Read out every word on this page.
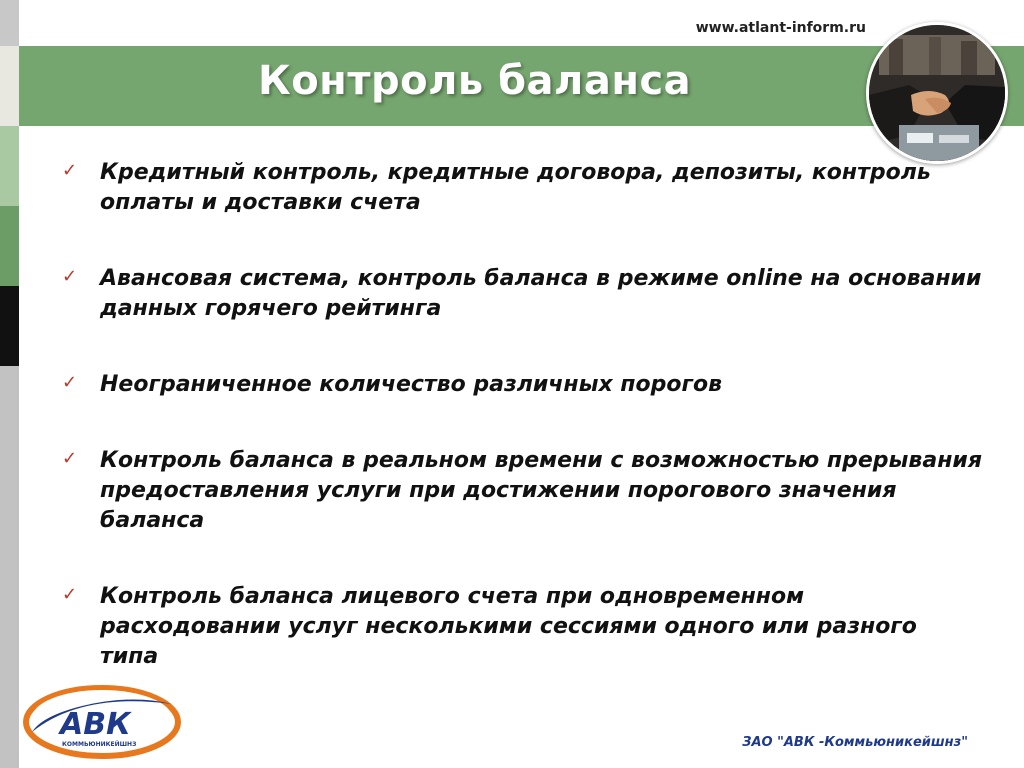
www.atlant-inform.ru
Контроль баланса
✓ Кредитный контроль, кредитные договора, депозиты, контроль оплаты и доставки счета

✓ Авансовая система, контроль баланса в режиме online на основании данных горячего рейтинга

✓ Неограниченное количество различных порогов

✓ Контроль баланса в реальном времени с возможностью прерывания предоставления услуги при достижении порогового значения баланса

✓ Контроль баланса лицевого счета при одновременном расходовании услуг несколькими сессиями одного или разного типа

АВК
КОММЬЮНИКЕЙШНЗ	ЗАО "АВК -Коммьюникейшнз"
